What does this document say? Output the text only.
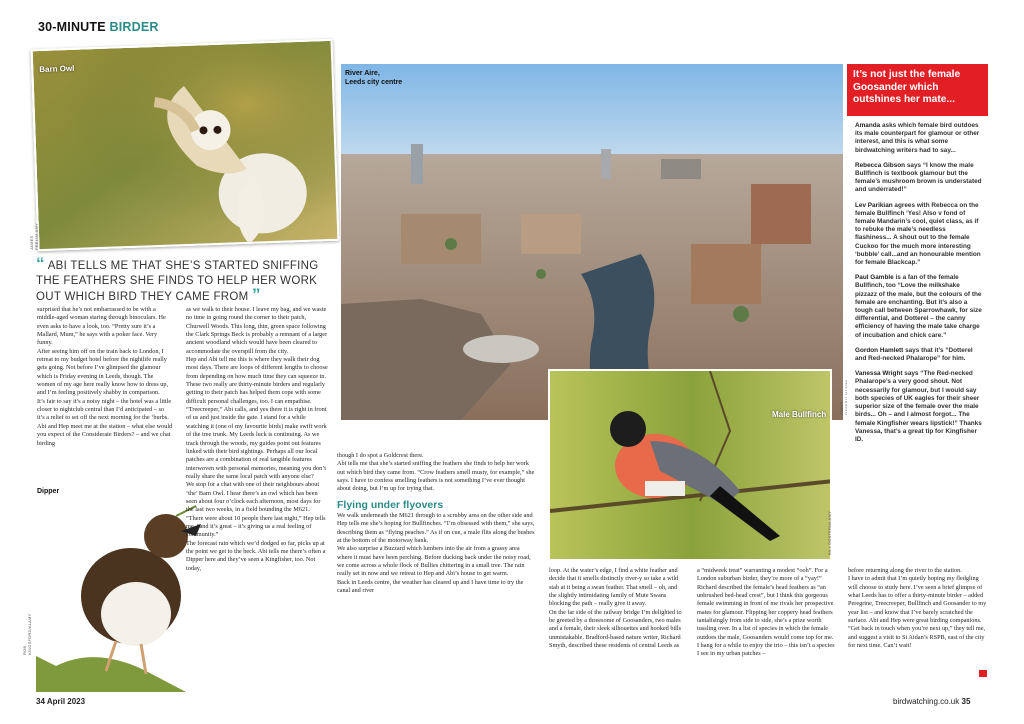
30-MINUTE BIRDER
Barn Owl
JAMES PEEL/ALAMY
River Aire,
Leeds city centre
CHRIS
Male Bullfinch
BILL COSTER/ALAMY
Dipper
ROB KINGSFORD/ALAMY
“ ABI TELLS ME THAT SHE’S STARTED SNIFFING THE FEATHERS SHE FINDS TO HELP HER WORK OUT WHICH BIRD THEY CAME FROM ”

surprised that he’s not embarrassed to be with a middle-aged woman staring through binoculars. He even asks to have a look, too. “Pretty sure it’s a Mallard, Mum,” he says with a poker face. Very funny.
After seeing him off on the train back to London, I retreat to my budget hotel before the nightlife really gets going. Not before I’ve glimpsed the glamour which is Friday evening in Leeds, though. The women of my age here really know how to dress up, and I’m feeling positively shabby in comparison.
It’s fair to say it’s a noisy night – the hotel was a little closer to nightclub central than I’d anticipated – so it’s a relief to set off the next morning for the ‘burbs. Abi and Hep meet me at the station – what else would you expect of the Considerate Birders? – and we chat birding

as we walk to their house. I leave my bag, and we waste no time in going round the corner to their patch, Churwell Woods. This long, thin, green space following the Clark Springs Beck is probably a remnant of a larger ancient woodland which would have been cleared to accommodate the overspill from the city.
Hep and Abi tell me this is where they walk their dog most days. There are loops of different lengths to choose from depending on how much time they can squeeze in. These two really are thirty-minute birders and regularly getting to their patch has helped them cope with some difficult personal challenges, too. I can empathise.
“Treecreeper,” Abi calls, and yes there it is right in front of us and just inside the gate. I stand for a while watching it (one of my favourite birds) make swift work of the tree trunk. My Leeds luck is continuing. As we track through the woods, my guides point out features linked with their bird sightings. Perhaps all our local patches are a combination of real tangible features interwoven with personal memories, meaning you don’t really share the same local patch with anyone else?
We stop for a chat with one of their neighbours about ‘the’ Barn Owl. I hear there’s an owl which has been seen about four o’clock each afternoon, most days for the last two weeks, in a field bounding the M621. “There were about 10 people there last night,” Hep tells me, “and it’s great – it’s giving us a real feeling of community.”
The forecast rain which we’d dodged so far, picks up at the point we get to the beck. Abi tells me there’s often a Dipper here and they’ve seen a Kingfisher, too. Not today,

though I do spot a Goldcrest there.
Abi tells me that she’s started sniffing the feathers she finds to help her work out which bird they came from. “Crow feathers smell musty, for example,” she says. I have to confess smelling feathers is not something I’ve ever thought about doing, but I’m up for trying that.

Flying under flyovers

We walk underneath the M621 through to a scrubby area on the other side and Hep tells me she’s hoping for Bullfinches. “I’m obsessed with them,” she says, describing them as “flying peaches.” As if on cue, a male flits along the bushes at the bottom of the motorway bank.
We also surprise a Buzzard which lumbers into the air from a grassy area where it must have been perching. Before ducking back under the noisy road, we come across a whole flock of Bullies chittering in a small tree. The rain really set in now and we retreat to Hep and Abi’s house to get warm.
Back in Leeds centre, the weather has cleared up and I have time to try the canal and river

loop. At the water’s edge, I find a white feather and decide that it smells distinctly river-y so take a wild stab at it being a swan feather. That smell – oh, and the slightly intimidating family of Mute Swans blocking the path – really give it away.
On the far side of the railway bridge I’m delighted to be greeted by a threesome of Goosanders, two males and a female, their sleek silhouettes and hooked bills unmistakable. Bradford-based nature writer, Richard Smyth, described these residents of central Leeds as

a “midweek treat” warranting a modest “ooh”. For a London suburban birder, they’re more of a “yay!” Richard described the female’s head feathers as “an unbrushed bed-head crest”, but I think this gorgeous female swimming in front of me rivals her prospective mates for glamour. Flipping her coppery head feathers tantalisingly from side to side, she’s a prize worth tussling over. In a list of species in which the female outdoes the male, Goosanders would come top for me. I hang for a while to enjoy the trio – this isn’t a species I see in my urban patches –

before returning along the river to the station.
I have to admit that I’m quietly hoping my fledgling will choose to study here. I’ve seen a brief glimpse of what Leeds has to offer a thirty-minute birder – added Peregrine, Treecreeper, Bullfinch and Goosander to my year list – and know that I’ve barely scratched the surface. Abi and Hep were great birding companions. “Get back in touch when you’re next up,” they tell me, and suggest a visit to St Aidan’s RSPB, east of the city for next time. Can’t wait!

It’s not just the female Goosander which outshines her mate...
Amanda asks which female bird outdoes its male counterpart for glamour or other interest, and this is what some birdwatching writers had to say...
Rebecca Gibson says “I know the male Bullfinch is textbook glamour but the female’s mushroom brown is understated and underrated!”
Lev Parikian agrees with Rebecca on the female Bullfinch ‘Yes! Also v fond of female Mandarin’s cool, quiet class, as if to rebuke the male’s needless flashiness... A shout out to the female Cuckoo for the much more interesting ‘bubble’ call...and an honourable mention for female Blackcap.”
Paul Gamble is a fan of the female Bullfinch, too “Love the milkshake pizzazz of the male, but the colours of the female are enchanting. But it’s also a tough call between Sparrowhawk, for size differential, and Dotterel – the canny efficiency of having the male take charge of incubation and chick care.”
Gordon Hamlett says that it’s “Dotterel and Red-necked Phalarope” for him.
Vanessa Wright says “The Red-necked Phalarope’s a very good shout. Not necessarily for glamour, but I would say both species of UK eagles for their sheer superior size of the female over the male birds... Oh – and I almost forgot... The female Kingfisher wears lipstick!” Thanks Vanessa, that’s a great tip for Kingfisher ID.
34 April 2023	birdwatching.co.uk 35
